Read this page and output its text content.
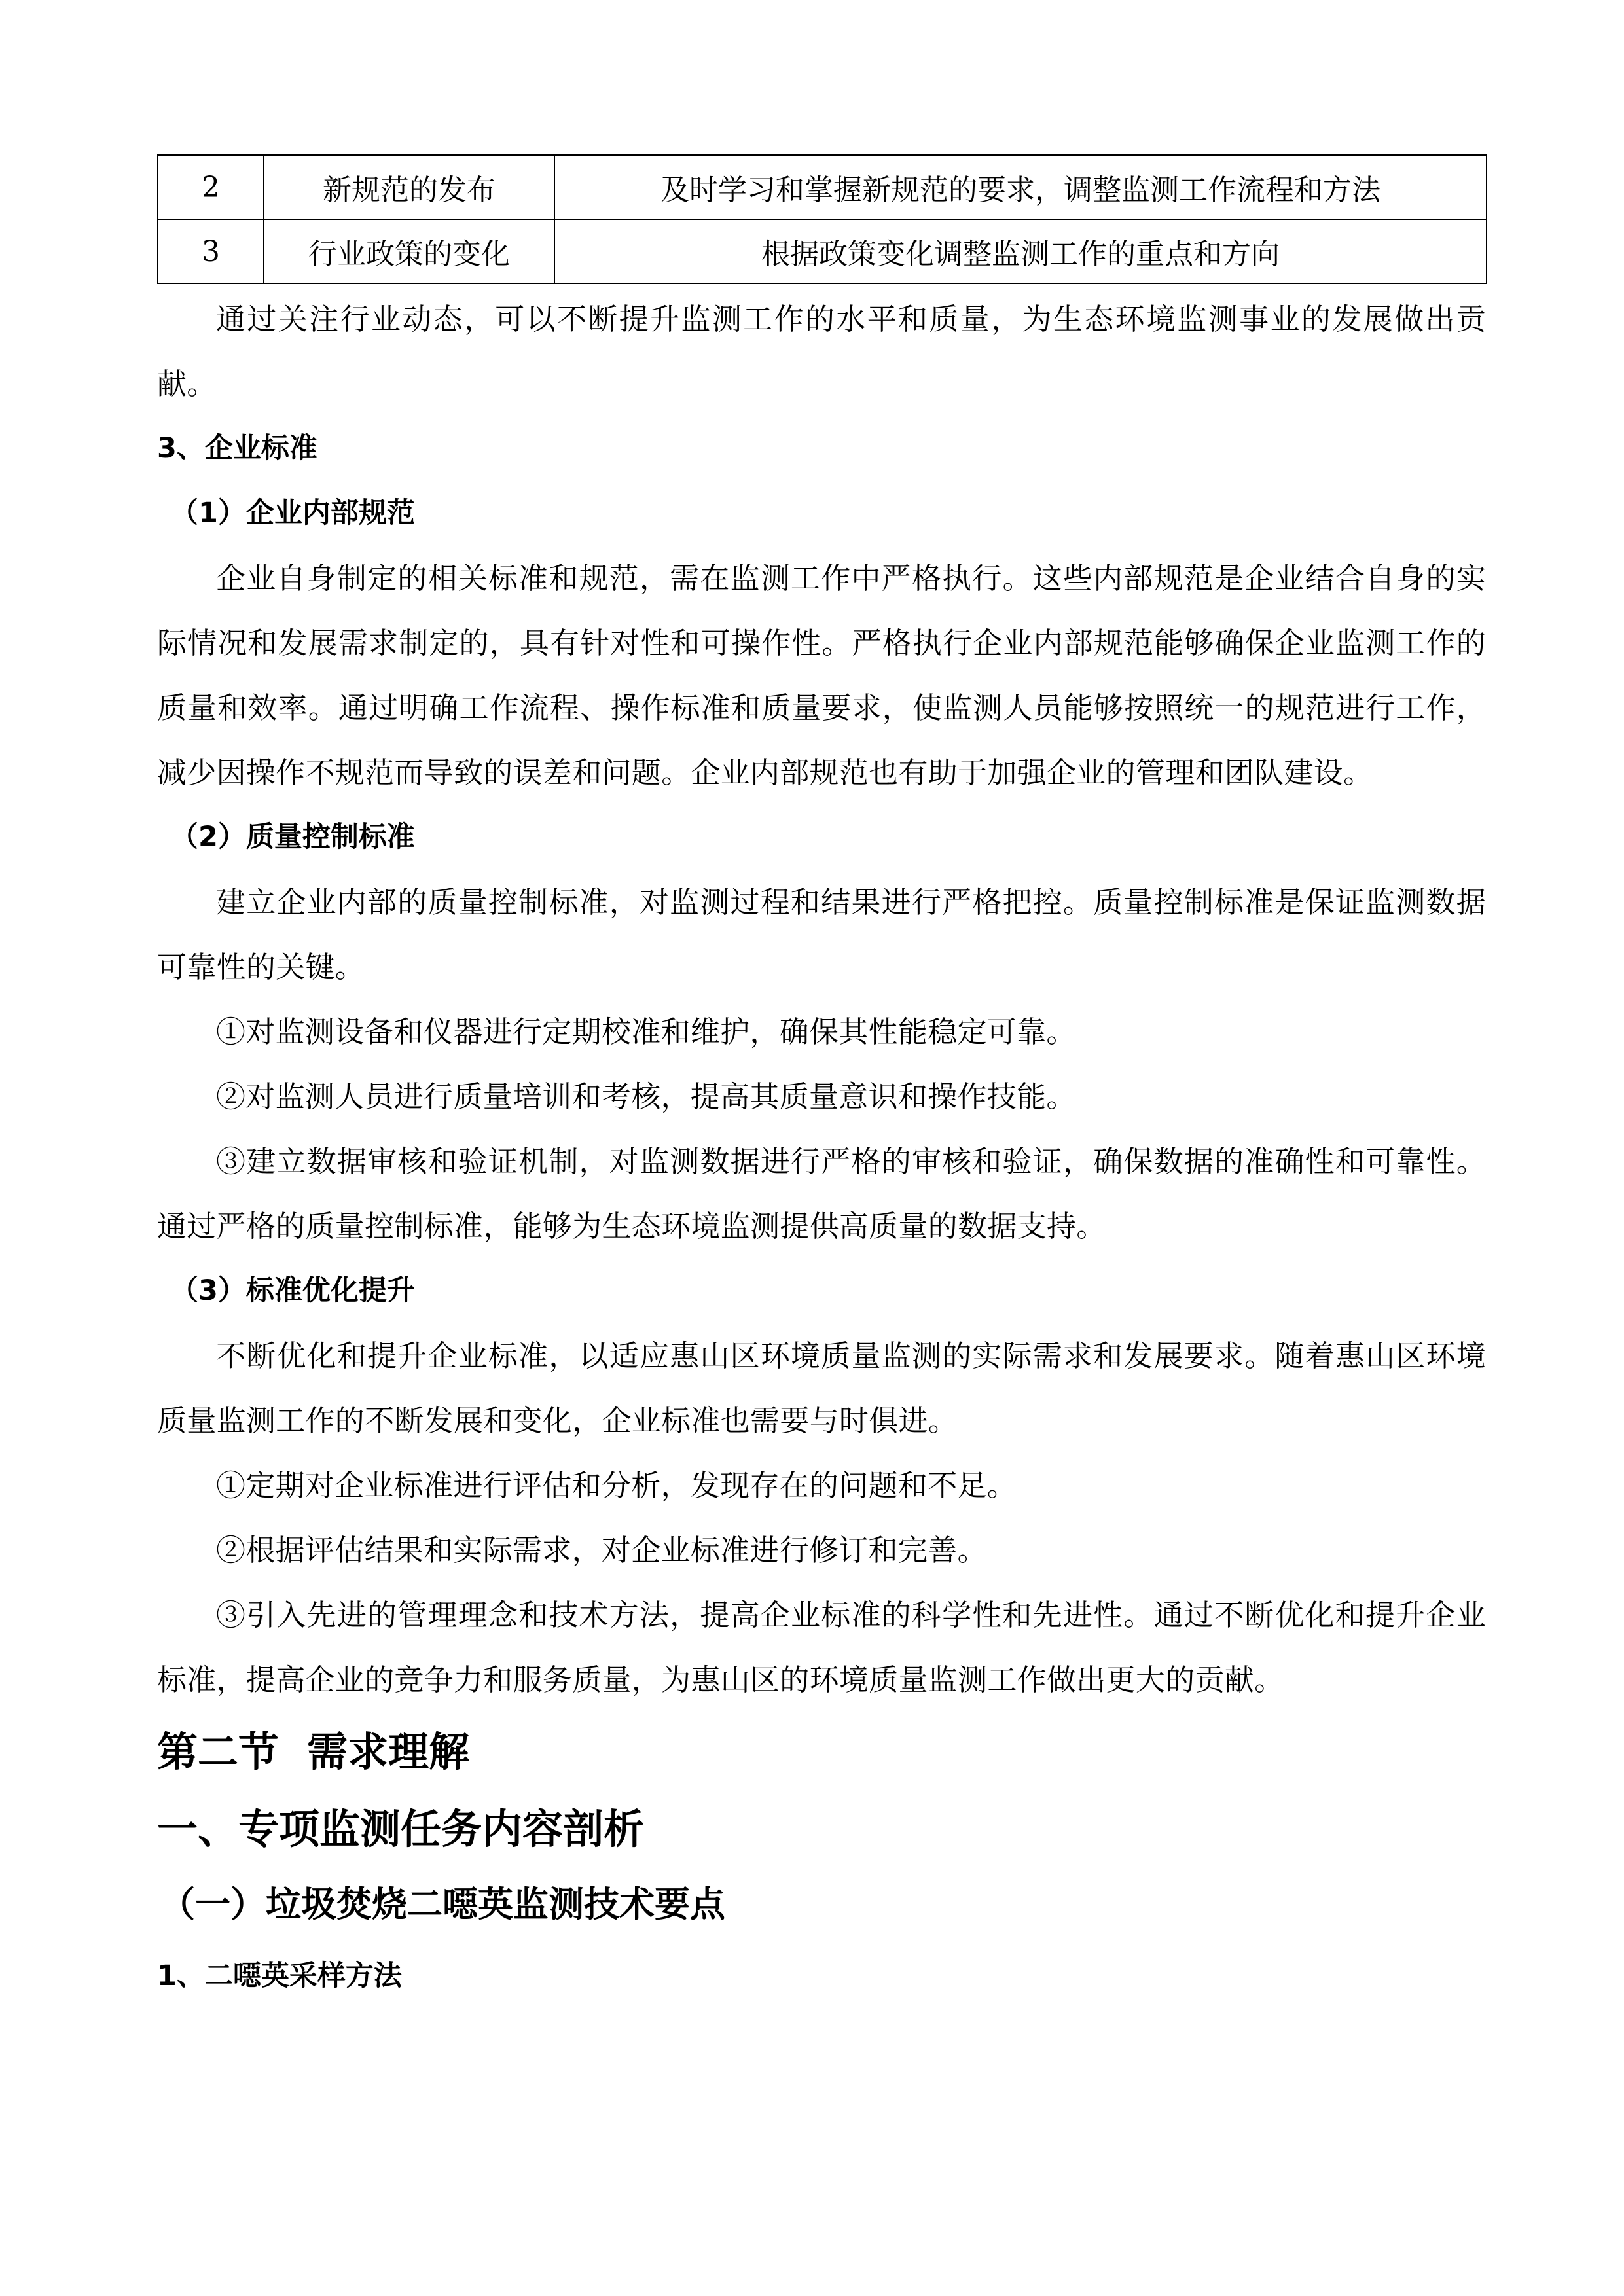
2	新规范的发布	及时学习和掌握新规范的要求，调整监测工作流程和方法
3	行业政策的变化	根据政策变化调整监测工作的重点和方向

通过关注行业动态，可以不断提升监测工作的水平和质量，为生态环境监测事业的发展做出贡献。

3、企业标准
（1）企业内部规范

企业自身制定的相关标准和规范，需在监测工作中严格执行。这些内部规范是企业结合自身的实际情况和发展需求制定的，具有针对性和可操作性。严格执行企业内部规范能够确保企业监测工作的质量和效率。通过明确工作流程、操作标准和质量要求，使监测人员能够按照统一的规范进行工作，减少因操作不规范而导致的误差和问题。企业内部规范也有助于加强企业的管理和团队建设。

（2）质量控制标准

建立企业内部的质量控制标准，对监测过程和结果进行严格把控。质量控制标准是保证监测数据可靠性的关键。

①对监测设备和仪器进行定期校准和维护，确保其性能稳定可靠。

②对监测人员进行质量培训和考核，提高其质量意识和操作技能。

③建立数据审核和验证机制，对监测数据进行严格的审核和验证，确保数据的准确性和可靠性。通过严格的质量控制标准，能够为生态环境监测提供高质量的数据支持。

（3）标准优化提升

不断优化和提升企业标准，以适应惠山区环境质量监测的实际需求和发展要求。随着惠山区环境质量监测工作的不断发展和变化，企业标准也需要与时俱进。

①定期对企业标准进行评估和分析，发现存在的问题和不足。

②根据评估结果和实际需求，对企业标准进行修订和完善。

③引入先进的管理理念和技术方法，提高企业标准的科学性和先进性。通过不断优化和提升企业标准，提高企业的竞争力和服务质量，为惠山区的环境质量监测工作做出更大的贡献。

第二节  需求理解
一、专项监测任务内容剖析
（一）垃圾焚烧二噁英监测技术要点
1、二噁英采样方法
